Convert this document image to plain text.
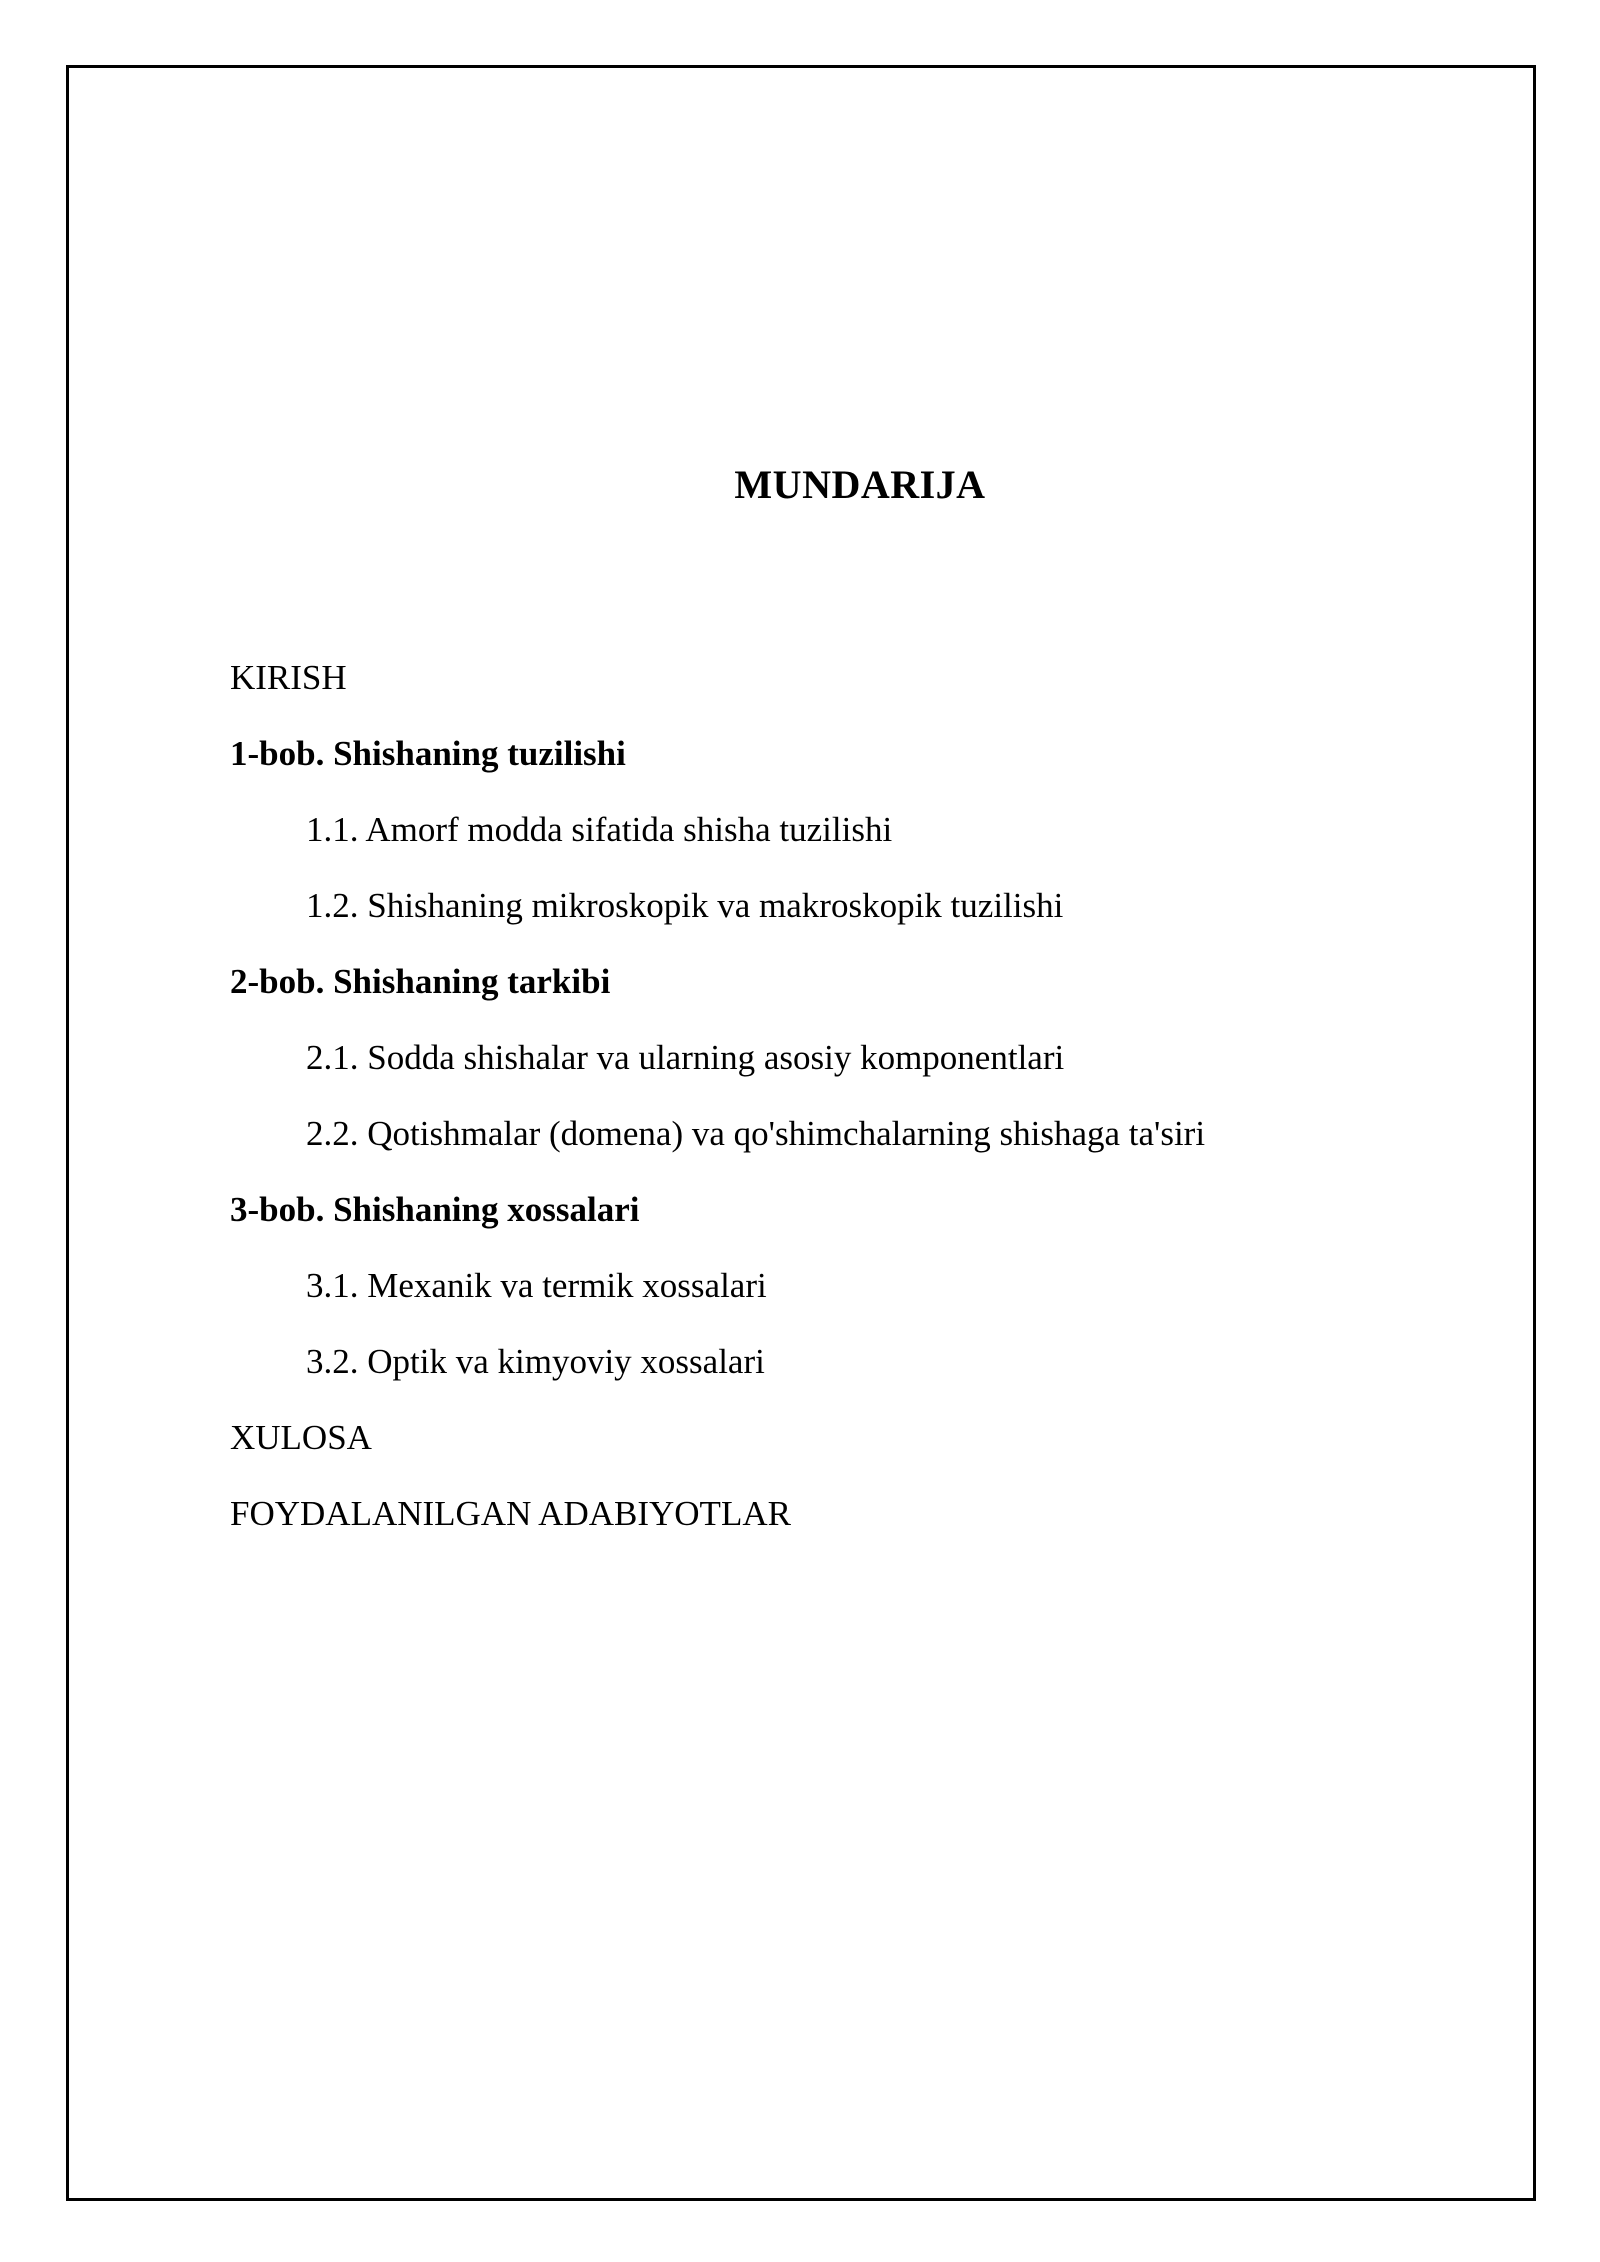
MUNDARIJA
KIRISH
1-bob. Shishaning tuzilishi
1.1. Amorf modda sifatida shisha tuzilishi
1.2. Shishaning mikroskopik va makroskopik tuzilishi
2-bob. Shishaning tarkibi
2.1. Sodda shishalar va ularning asosiy komponentlari
2.2. Qotishmalar (domena) va qo'shimchalarning shishaga ta'siri
3-bob. Shishaning xossalari
3.1. Mexanik va termik xossalari
3.2. Optik va kimyoviy xossalari
XULOSA
FOYDALANILGAN ADABIYOTLAR
